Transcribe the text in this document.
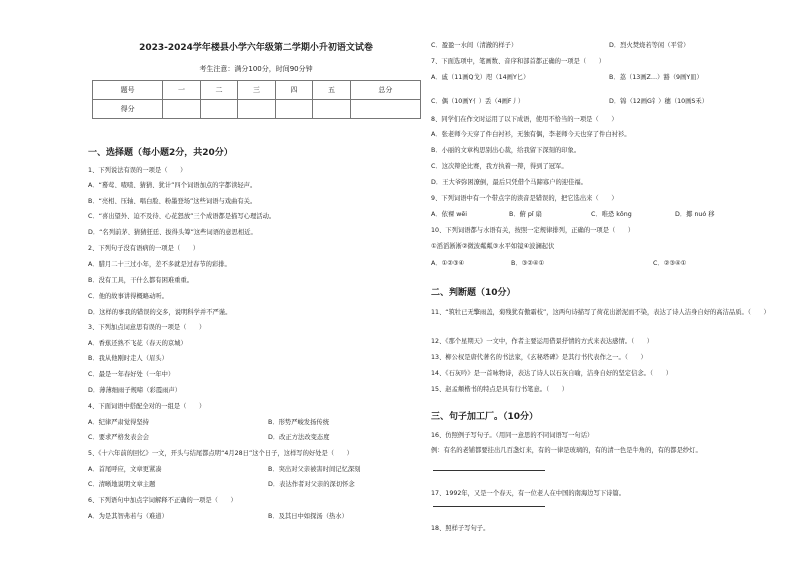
2023-2024学年楼县小学六年级第二学期小升初语文试卷
考生注意：满分100分，时间90分钟
题号	一	二	三	四	五	总分
得分						
一、选择题（每小题2分，共20分）
1、下列说法有误的一项是（　　）
A．“蓦莺、喳喳、猜猜、犹计”四个词语加点的字都读轻声。
B．“亮相、压轴、唱白脸、粉墨登场”这些词语与戏曲有关。
C．“喜出望外、迫不及待、心花怒放”三个成语都是描写心理活动。
D．“名列前茅、猜猜狂廷、拔得头筹”这些词语的意思相近。
2、下列句子没有语病的一项是（　　）
A．腊月二十三过小年，差不多就是过春节的彩排。
B．没有工具，干什么都有困难重重。
C．他的故事讲得概略动听。
D．这样的事我的错误的交多，说明科学并不严谨。
3、下列加点词意思有误的一项是（　　）
A．香蕉还熟不飞花（春天的京城）
B．我从他刚时走人（眉头）
C．最是一年春好处（一年中）
D．薄薄细雨子规啼（彩霞雨声）
4、下面词语中搭配全对的一组是（　　）
A．纪律严肃觉得坚持	B．形势严峻发扬传统
C．要求严格发表会会	D．改正方法改变态度
5、《十六年前的回忆》一文，开头与结尾都点明“4月28日”这个日子，这样写的好处是（　　）
A．首尾呼应，文章更紧凑	B．突出对父亲被害时间记忆深刻
C．清晰地说明文章主题	D．表达作者对父亲的深切怀念
6、下列语句中加点字词解释不正确的一项是（　　）
A．为是其智弗若与（难道）	B．及其日中如探汤（热水）
C．盈盈一水间（清澈的样子）	D．烈火焚烧若等闲（平常）
7、下面选项中，笔画数、音序和部首都正确的一项是（　　）
A．戚（11画Q戈）咫（14画Y匕）	B．荔（13画Z…）豁（9画Y皿）
C．偶（10画Y亻）丢（4画F丿）	D．锦（12画G钅）穗（10画S禾）
8、同学们在作文时运用了以下成语，使用不恰当的一项是（　　）
A．张老师今天穿了件白衬衫，无独有偶，李老师今天也穿了件白衬衫。
B．小丽的文章构思别出心裁，给我留下深刻的印象。
C．这次辩论比赛，我方执着一辩，得到了冠军。
D．王大爷弥困潦倒，最后只凭借个马蹄寡户的迎佳福。
9、下列词语中有一个带点字的读音是错误的，把它选出来（　　）
A．依裸 wēi	B．俯 pǐ 扇	C．唯恐 kōng	D．揶 nuó 移
10、下列词语都与水语有关，按照一定规律排列，正确的一项是（　　）
①滔滔淅淅②微波粼粼③水平如镜④波澜起伏
A．①②③④	B．③②④①	C．②③④①
二、判断题（10分）
11、“筑牡已无擎雨盖，菊残犹有傲霜枝”，这两句诗描写了荷花出淤泥而不染，表达了诗人洁身自好的高洁品质。（　　）
12、《那个星期天》一文中，作者主要运用借景抒情的方式来表达感情。（　　）
13、柳公权是唐代著名的书法家，《玄秘塔碑》是其行书代表作之一。（　　）
14、《石灰吟》是一首咏物诗，表达了诗人以石灰自喻，洁身自好的坚定信念。（　　）
15、赵孟頫楷书的特点是具有行书笔意。（　　）
三、句子加工厂。（10分）
16、仿照例子写句子。（用同一意思的不同词语写一句话）
例：有名的老铺都要挂出几百盏灯来，有的一律是玻璃的，有的清一色是牛角的，有的都是纱灯。
17、1992年，又是一个春天，有一位老人在中国的南海边写下诗篇。
18、照样子写句子。
